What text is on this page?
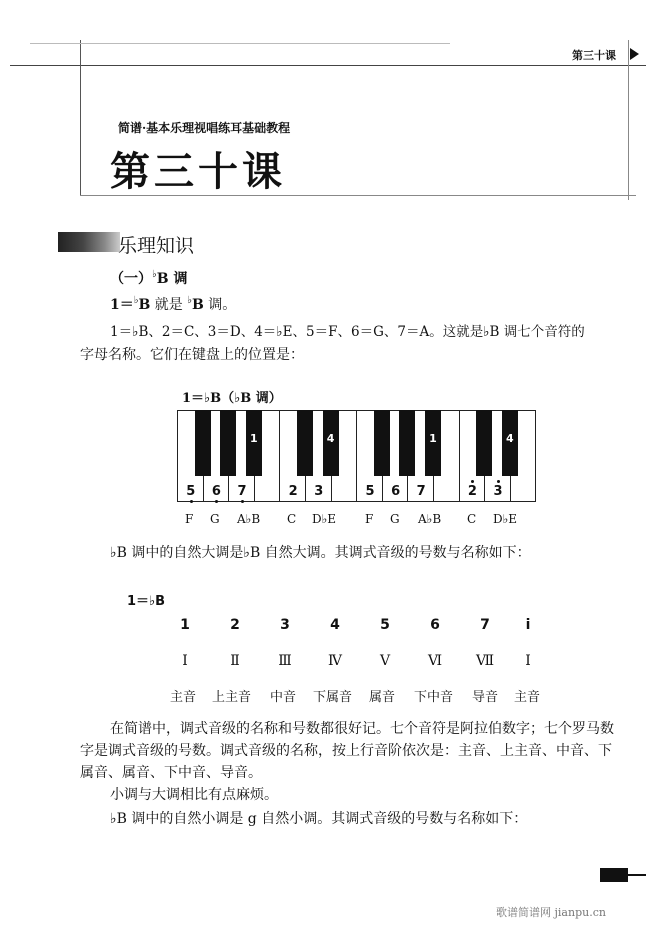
第三十课
简谱·基本乐理视唱练耳基础教程
第三十课
乐理知识
（一）♭B 调
1＝♭B 就是 ♭B 调。
1＝♭B、2＝C、3＝D、4＝♭E、5＝F、6＝G、7＝A。这就是♭B 调七个音符的
字母名称。它们在键盘上的位置是：
1＝♭B（♭B 调）
1	4	1	4
5	6	7	2	3	5	6	7	2	3
F G A♭B C D♭E F G A♭B C D♭E
♭B 调中的自然大调是♭B 自然大调。其调式音级的号数与名称如下：
1＝♭B
1	2	3	4	5	6	7	i
Ⅰ	Ⅱ	Ⅲ	Ⅳ	Ⅴ	Ⅵ	Ⅶ	Ⅰ
主音 上主音 中音 下属音 属音 下中音 导音 主音
在简谱中，调式音级的名称和号数都很好记。七个音符是阿拉伯数字；七个罗马数
字是调式音级的号数。调式音级的名称，按上行音阶依次是：主音、上主音、中音、下
属音、属音、下中音、导音。
小调与大调相比有点麻烦。
♭B 调中的自然小调是 g 自然小调。其调式音级的号数与名称如下：
歌谱简谱网 jianpu.cn
